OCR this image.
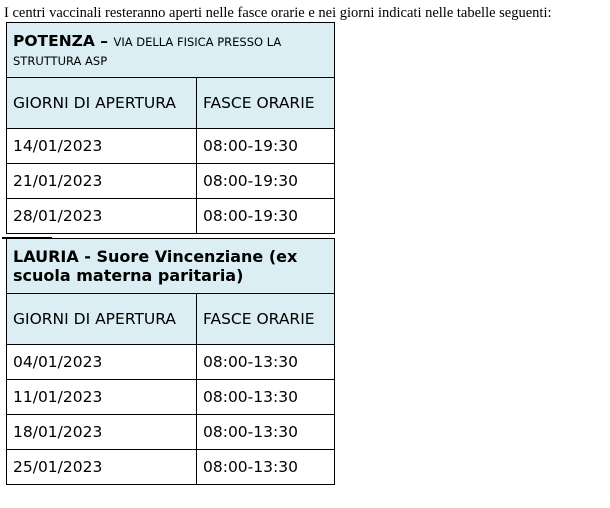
I centri vaccinali resteranno aperti nelle fasce orarie e nei giorni indicati nelle tabelle seguenti:
POTENZA – VIA DELLA FISICA PRESSO LA STRUTTURA ASP	
GIORNI DI APERTURA	FASCE ORARIE
14/01/2023	08:00-19:30
21/01/2023	08:00-19:30
28/01/2023	08:00-19:30
LAURIA - Suore Vincenziane (ex scuola materna paritaria)	
GIORNI DI APERTURA	FASCE ORARIE
04/01/2023	08:00-13:30
11/01/2023	08:00-13:30
18/01/2023	08:00-13:30
25/01/2023	08:00-13:30
